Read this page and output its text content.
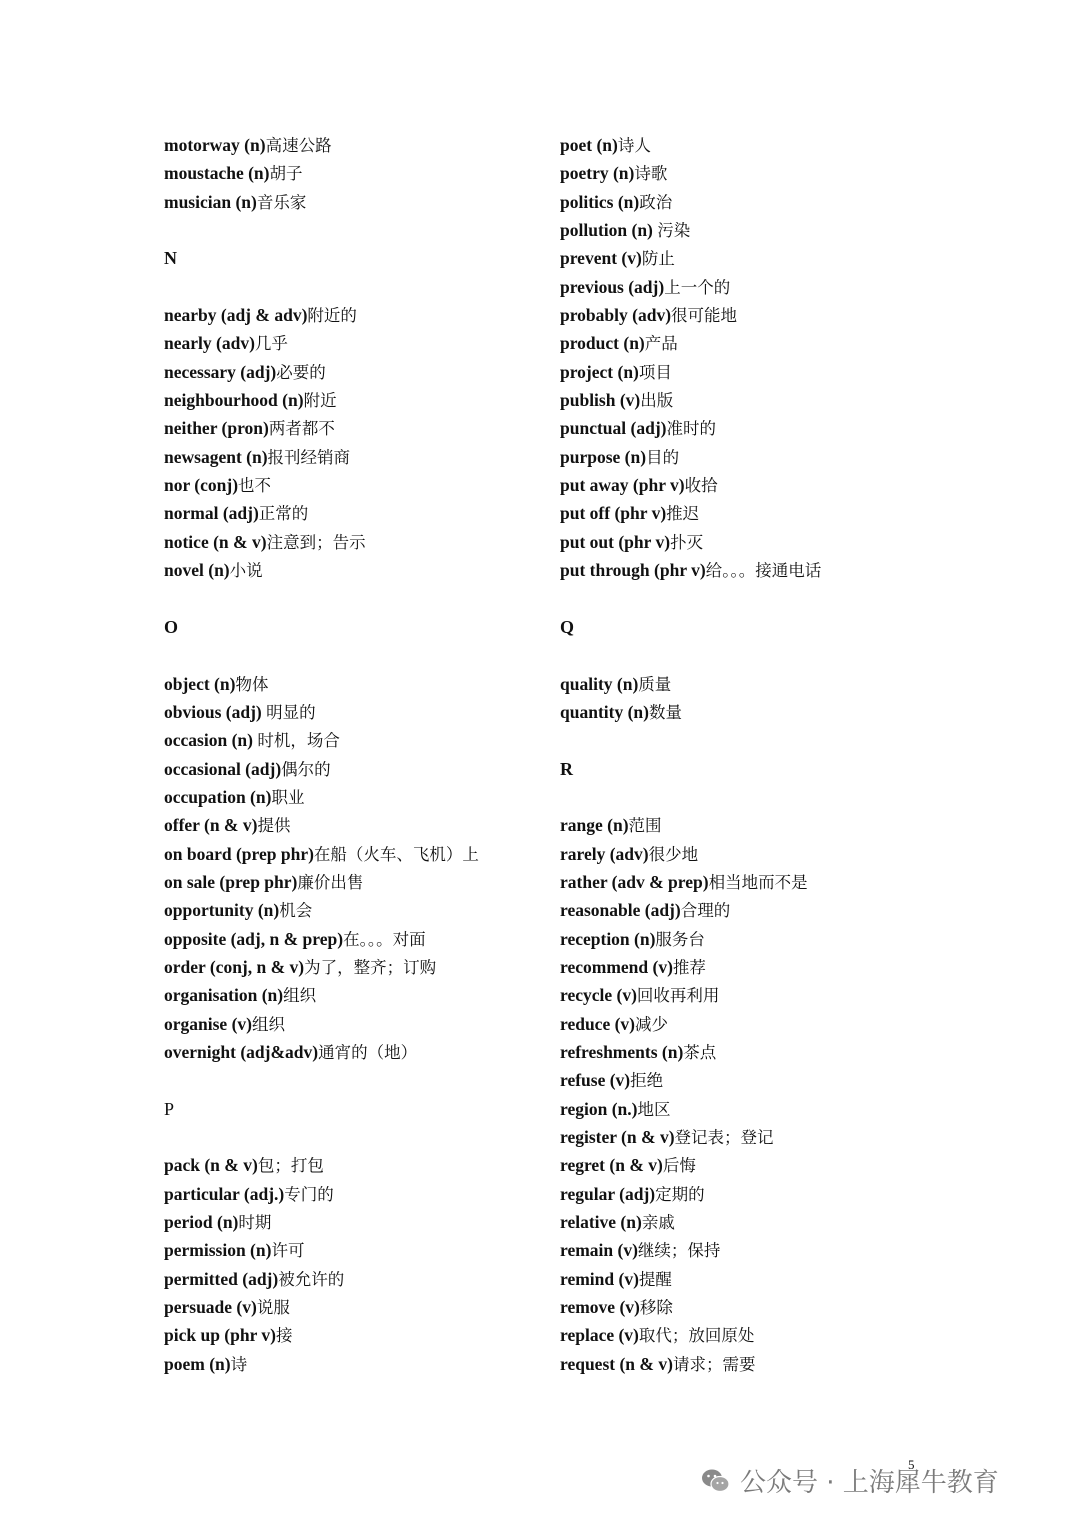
motorway (n)高速公路
moustache (n)胡子
musician (n)音乐家
N
nearby (adj & adv)附近的
nearly (adv)几乎
necessary (adj)必要的
neighbourhood (n)附近
neither (pron)两者都不
newsagent (n)报刊经销商
nor (conj)也不
normal (adj)正常的
notice (n & v)注意到；告示
novel (n)小说
O
object (n)物体
obvious (adj) 明显的
occasion (n) 时机，场合
occasional (adj)偶尔的
occupation (n)职业
offer (n & v)提供
on board (prep phr)在船（火车、飞机）上
on sale (prep phr)廉价出售
opportunity (n)机会
opposite (adj, n & prep)在。。。对面
order (conj, n & v)为了，整齐；订购
organisation (n)组织
organise (v)组织
overnight (adj&adv)通宵的（地）
P
pack (n & v)包；打包
particular (adj.)专门的
period (n)时期
permission (n)许可
permitted (adj)被允许的
persuade (v)说服
pick up (phr v)接
poem (n)诗
poet (n)诗人
poetry (n)诗歌
politics (n)政治
pollution (n) 污染
prevent (v)防止
previous (adj)上一个的
probably (adv)很可能地
product (n)产品
project (n)项目
publish (v)出版
punctual (adj)准时的
purpose (n)目的
put away (phr v)收拾
put off (phr v)推迟
put out (phr v)扑灭
put through (phr v)给。。。接通电话
Q
quality (n)质量
quantity (n)数量
R
range (n)范围
rarely (adv)很少地
rather (adv & prep)相当地而不是
reasonable (adj)合理的
reception (n)服务台
recommend (v)推荐
recycle (v)回收再利用
reduce (v)减少
refreshments (n)茶点
refuse (v)拒绝
region (n.)地区
register (n & v)登记表；登记
regret (n & v)后悔
regular (adj)定期的
relative (n)亲戚
remain (v)继续；保持
remind (v)提醒
remove (v)移除
replace (v)取代；放回原处
request (n & v)请求；需要
5
公众号 · 上海犀牛教育
